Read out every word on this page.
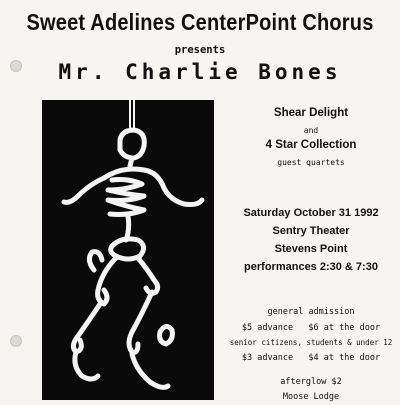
Sweet Adelines CenterPoint Chorus
presents
Mr. Charlie Bones
Shear Delight
and
4 Star Collection
guest quartets
Saturday October 31 1992
Sentry Theater
Stevens Point
performances 2:30 & 7:30
general admission
$5 advance   $6 at the door
senior citizens, students & under 12
$3 advance   $4 at the door
afterglow $2
Moose Lodge
